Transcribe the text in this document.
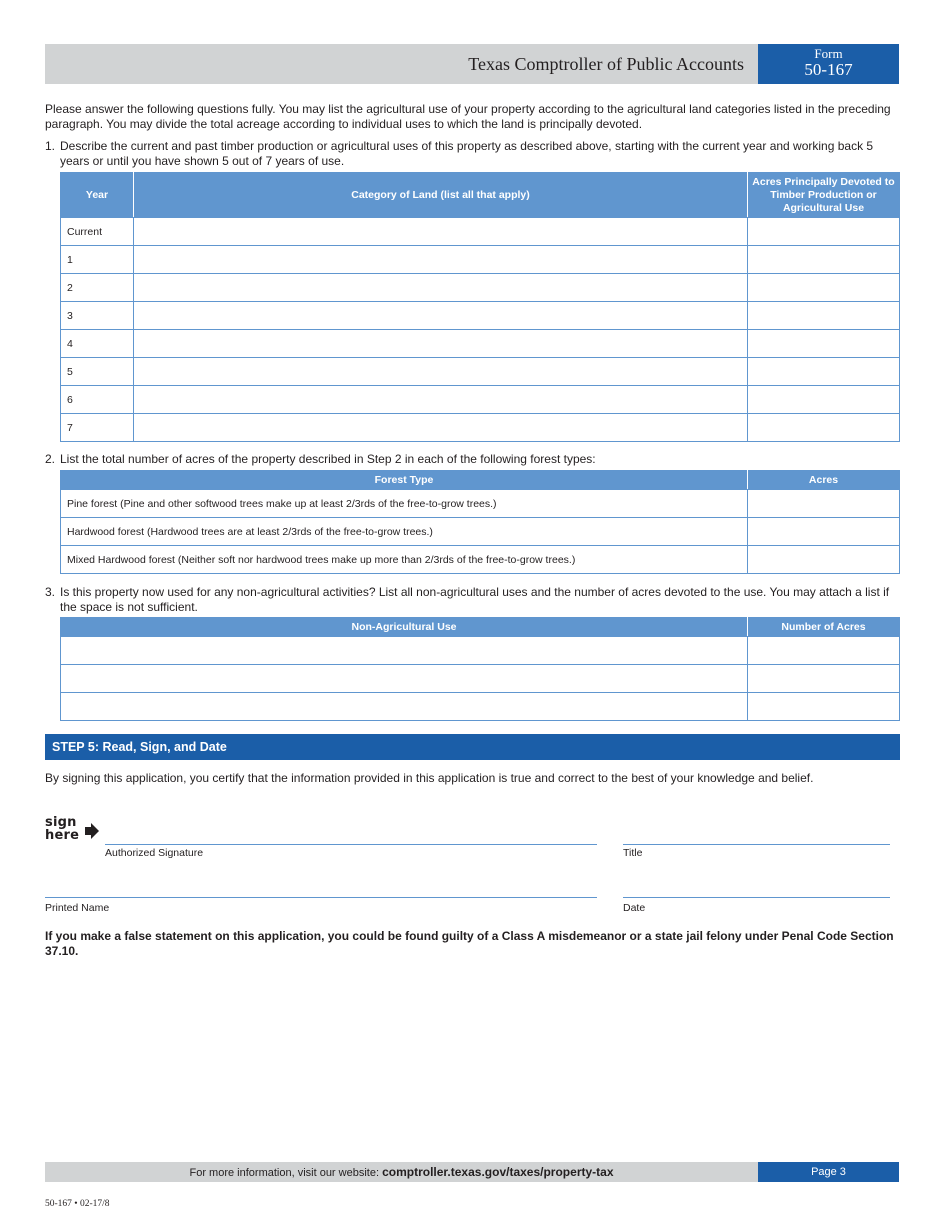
Texas Comptroller of Public Accounts
Form
50-167
Please answer the following questions fully. You may list the agricultural use of your property according to the agricultural land categories listed in the preceding paragraph. You may divide the total acreage according to individual uses to which the land is principally devoted.
1. Describe the current and past timber production or agricultural uses of this property as described above, starting with the current year and working back 5 years or until you have shown 5 out of 7 years of use.
Year	Category of Land (list all that apply)	Acres Principally Devoted to Timber Production or Agricultural Use
Current		
1		
2		
3		
4		
5		
6		
7		
2. List the total number of acres of the property described in Step 2 in each of the following forest types:
Forest Type	Acres
Pine forest (Pine and other softwood trees make up at least 2/3rds of the free-to-grow trees.)	
Hardwood forest (Hardwood trees are at least 2/3rds of the free-to-grow trees.)	
Mixed Hardwood forest (Neither soft nor hardwood trees make up more than 2/3rds of the free-to-grow trees.)	
3. Is this property now used for any non-agricultural activities? List all non-agricultural uses and the number of acres devoted to the use. You may attach a list if the space is not sufficient.
Non-Agricultural Use	Number of Acres

STEP 5: Read, Sign, and Date
By signing this application, you certify that the information provided in this application is true and correct to the best of your knowledge and belief.
sign here
Authorized Signature	Title
Printed Name	Date
If you make a false statement on this application, you could be found guilty of a Class A misdemeanor or a state jail felony under Penal Code Section 37.10.
For more information, visit our website: comptroller.texas.gov/taxes/property-tax	Page 3
50-167 • 02-17/8
